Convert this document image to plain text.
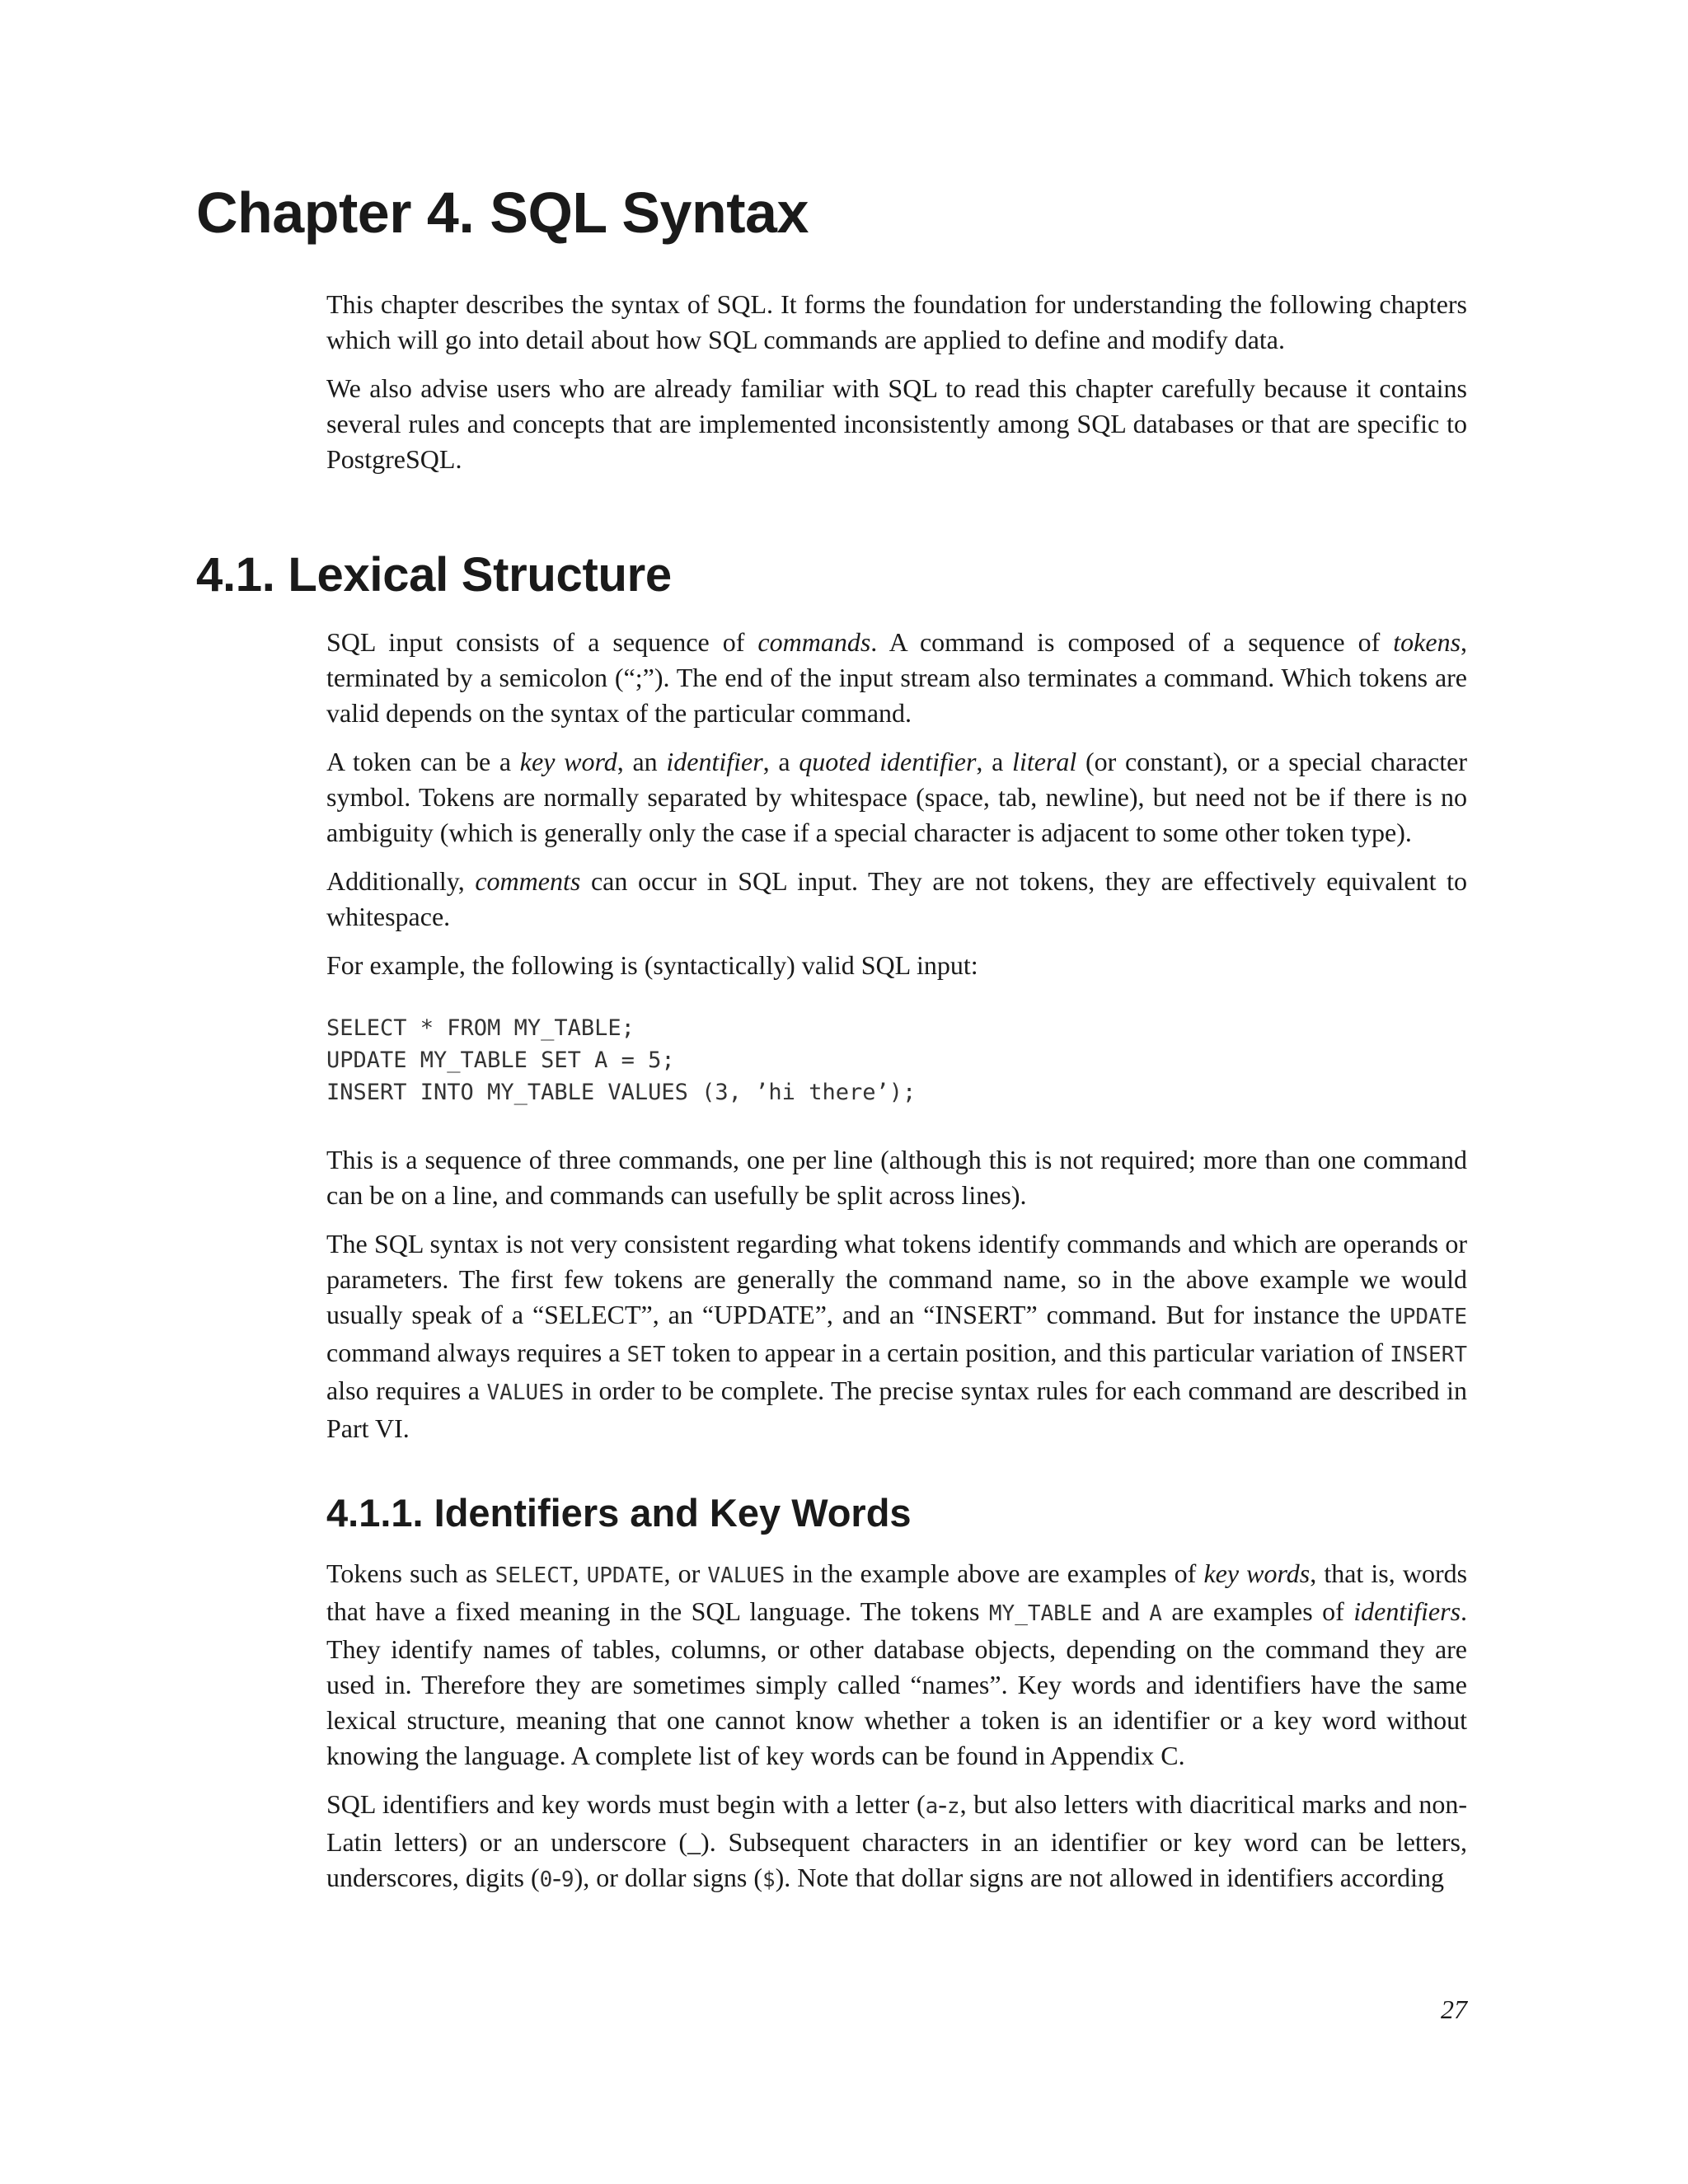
Chapter 4. SQL Syntax

This chapter describes the syntax of SQL. It forms the foundation for understanding the following chapters which will go into detail about how SQL commands are applied to define and modify data.

We also advise users who are already familiar with SQL to read this chapter carefully because it contains several rules and concepts that are implemented inconsistently among SQL databases or that are specific to PostgreSQL.

4.1. Lexical Structure

SQL input consists of a sequence of commands. A command is composed of a sequence of tokens, terminated by a semicolon (“;”). The end of the input stream also terminates a command. Which tokens are valid depends on the syntax of the particular command.

A token can be a key word, an identifier, a quoted identifier, a literal (or constant), or a special character symbol. Tokens are normally separated by whitespace (space, tab, newline), but need not be if there is no ambiguity (which is generally only the case if a special character is adjacent to some other token type).

Additionally, comments can occur in SQL input. They are not tokens, they are effectively equivalent to whitespace.

For example, the following is (syntactically) valid SQL input:

SELECT * FROM MY_TABLE;
UPDATE MY_TABLE SET A = 5;
INSERT INTO MY_TABLE VALUES (3, ’hi there’);

This is a sequence of three commands, one per line (although this is not required; more than one command can be on a line, and commands can usefully be split across lines).

The SQL syntax is not very consistent regarding what tokens identify commands and which are operands or parameters. The first few tokens are generally the command name, so in the above example we would usually speak of a “SELECT”, an “UPDATE”, and an “INSERT” command. But for instance the UPDATE command always requires a SET token to appear in a certain position, and this particular variation of INSERT also requires a VALUES in order to be complete. The precise syntax rules for each command are described in Part VI.

4.1.1. Identifiers and Key Words

Tokens such as SELECT, UPDATE, or VALUES in the example above are examples of key words, that is, words that have a fixed meaning in the SQL language. The tokens MY_TABLE and A are examples of identifiers. They identify names of tables, columns, or other database objects, depending on the command they are used in. Therefore they are sometimes simply called “names”. Key words and identifiers have the same lexical structure, meaning that one cannot know whether a token is an identifier or a key word without knowing the language. A complete list of key words can be found in Appendix C.

SQL identifiers and key words must begin with a letter (a-z, but also letters with diacritical marks and non-Latin letters) or an underscore (_). Subsequent characters in an identifier or key word can be letters, underscores, digits (0-9), or dollar signs ($). Note that dollar signs are not allowed in identifiers according

27
